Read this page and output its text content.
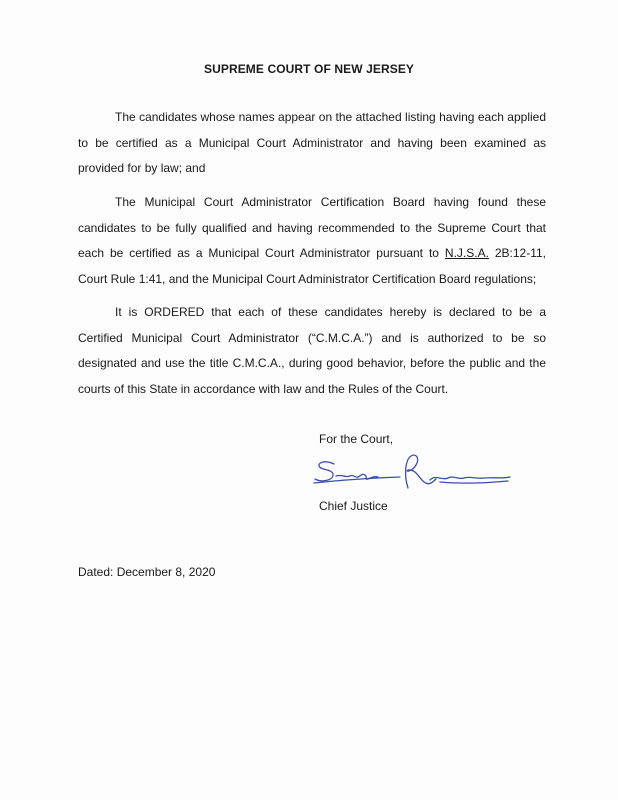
SUPREME COURT OF NEW JERSEY
The candidates whose names appear on the attached listing having each applied to be certified as a Municipal Court Administrator and having been examined as provided for by law; and
The Municipal Court Administrator Certification Board having found these candidates to be fully qualified and having recommended to the Supreme Court that each be certified as a Municipal Court Administrator pursuant to N.J.S.A. 2B:12-11, Court Rule 1:41, and the Municipal Court Administrator Certification Board regulations;
It is ORDERED that each of these candidates hereby is declared to be a Certified Municipal Court Administrator (“C.M.C.A.”) and is authorized to be so designated and use the title C.M.C.A., during good behavior, before the public and the courts of this State in accordance with law and the Rules of the Court.
For the Court,
Chief Justice
Dated: December 8, 2020
